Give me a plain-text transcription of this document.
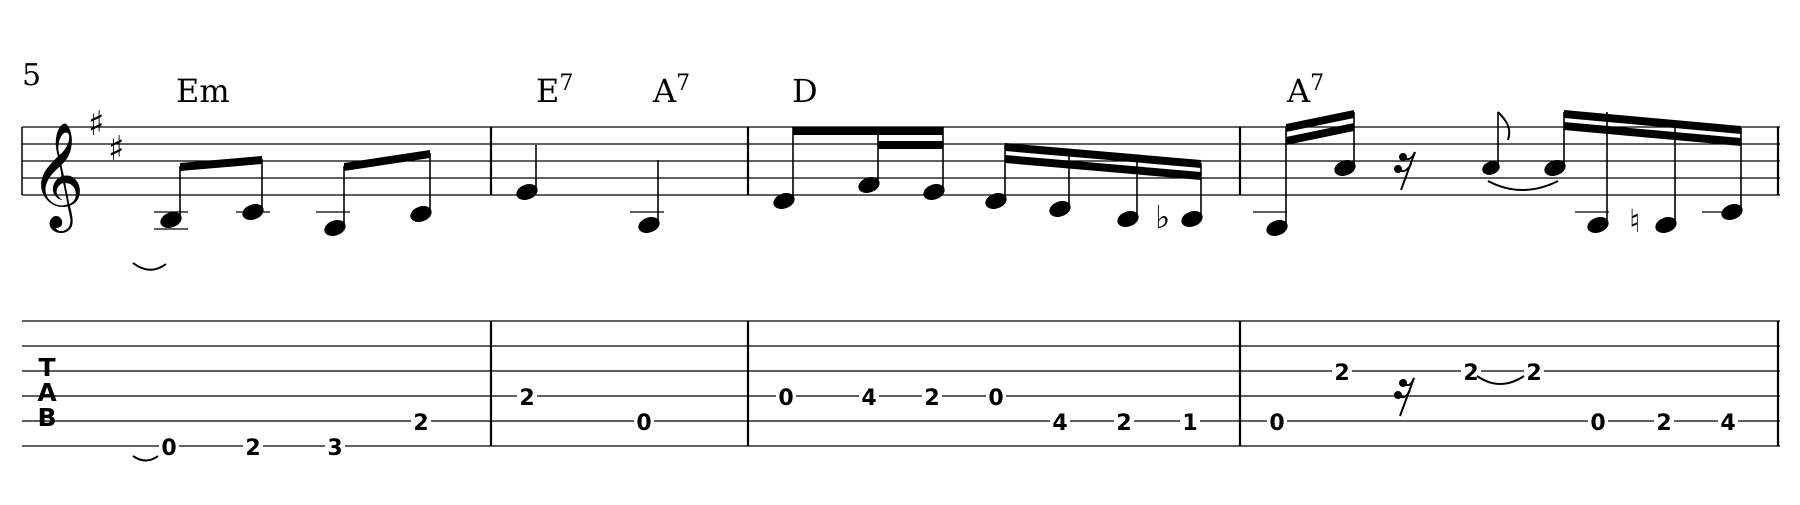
5
𝄞 ♯
♯
Em	$E^7$ $A^7$	D	$A^7$
♭	♮
T
A
B
0	2	3
2
2
0
0	4 2 0
4 2 1	0
2	2 2
0 2 4
